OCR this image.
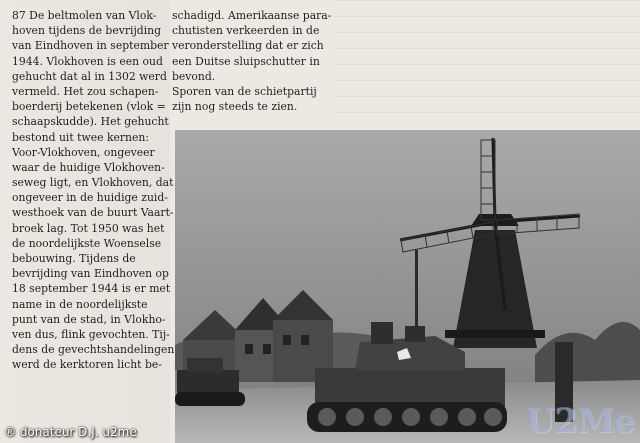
87 De beltmolen van Vlok-
hoven tijdens de bevrijding
van Eindhoven in september
1944. Vlokhoven is een oud
gehucht dat al in 1302 werd
vermeld. Het zou schapen-
boerderij betekenen (vlok =
schaapskudde). Het gehucht
bestond uit twee kernen:
Voor-Vlokhoven, ongeveer
waar de huidige Vlokhoven-
seweg ligt, en Vlokhoven, dat
ongeveer in de huidige zuid-
westhoek van de buurt Vaart-
broek lag. Tot 1950 was het
de noordelijkste Woenselse
bebouwing. Tijdens de
bevrijding van Eindhoven op
18 september 1944 is er met
name in de noordelijkste
punt van de stad, in Vlokho-
ven dus, flink gevochten. Tij-
dens de gevechtshandelingen
werd de kerktoren licht be-
schadigd. Amerikaanse para-
chutisten verkeerden in de
veronderstelling dat er zich
een Duitse sluipschutter in
bevond.
Sporen van de schietpartij
zijn nog steeds te zien.
U2Me
® donateur D.J. u2me
